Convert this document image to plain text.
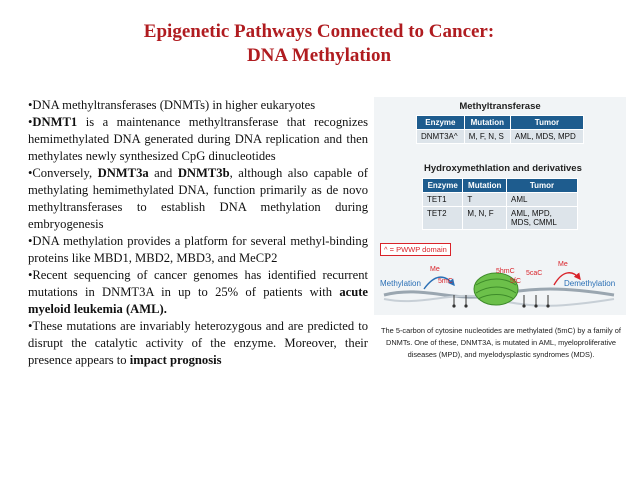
Epigenetic Pathways Connected to Cancer:
DNA Methylation

•DNA methyltransferases (DNMTs) in higher eukaryotes

•DNMT1 is a maintenance methyltransferase that recognizes hemimethylated DNA generated during DNA replication and then methylates newly synthesized CpG dinucleotides

•Conversely, DNMT3a and DNMT3b, although also capable of methylating hemimethylated DNA, function primarily as de novo methyltransferases to establish DNA methylation during embryogenesis

•DNA methylation provides a platform for several methyl-binding proteins like MBD1, MBD2, MBD3, and MeCP2

•Recent sequencing of cancer genomes has identified recurrent mutations in DNMT3A in up to 25% of patients with acute myeloid leukemia (AML).

•These mutations are invariably heterozygous and are predicted to disrupt the catalytic activity of the enzyme. Moreover, their presence appears to impact prognosis

Methyltransferase
Enzyme	Mutation	Tumor
DNMT3A^	M, F, N, S	AML, MDS, MPD
Hydroxymethlation and derivatives
Enzyme	Mutation	Tumor
TET1	T	AML
TET2	M, N, F	AML, MPD, MDS, CMML
^ = PWWP domain
Methylation	Demethylation
Me
Me
5mC
5hmC
5fC
5caC
The 5-carbon of cytosine nucleotides are methylated (5mC) by a family of DNMTs. One of these, DNMT3A, is mutated in AML, myeloproliferative diseases (MPD), and myelodysplastic syndromes (MDS).
